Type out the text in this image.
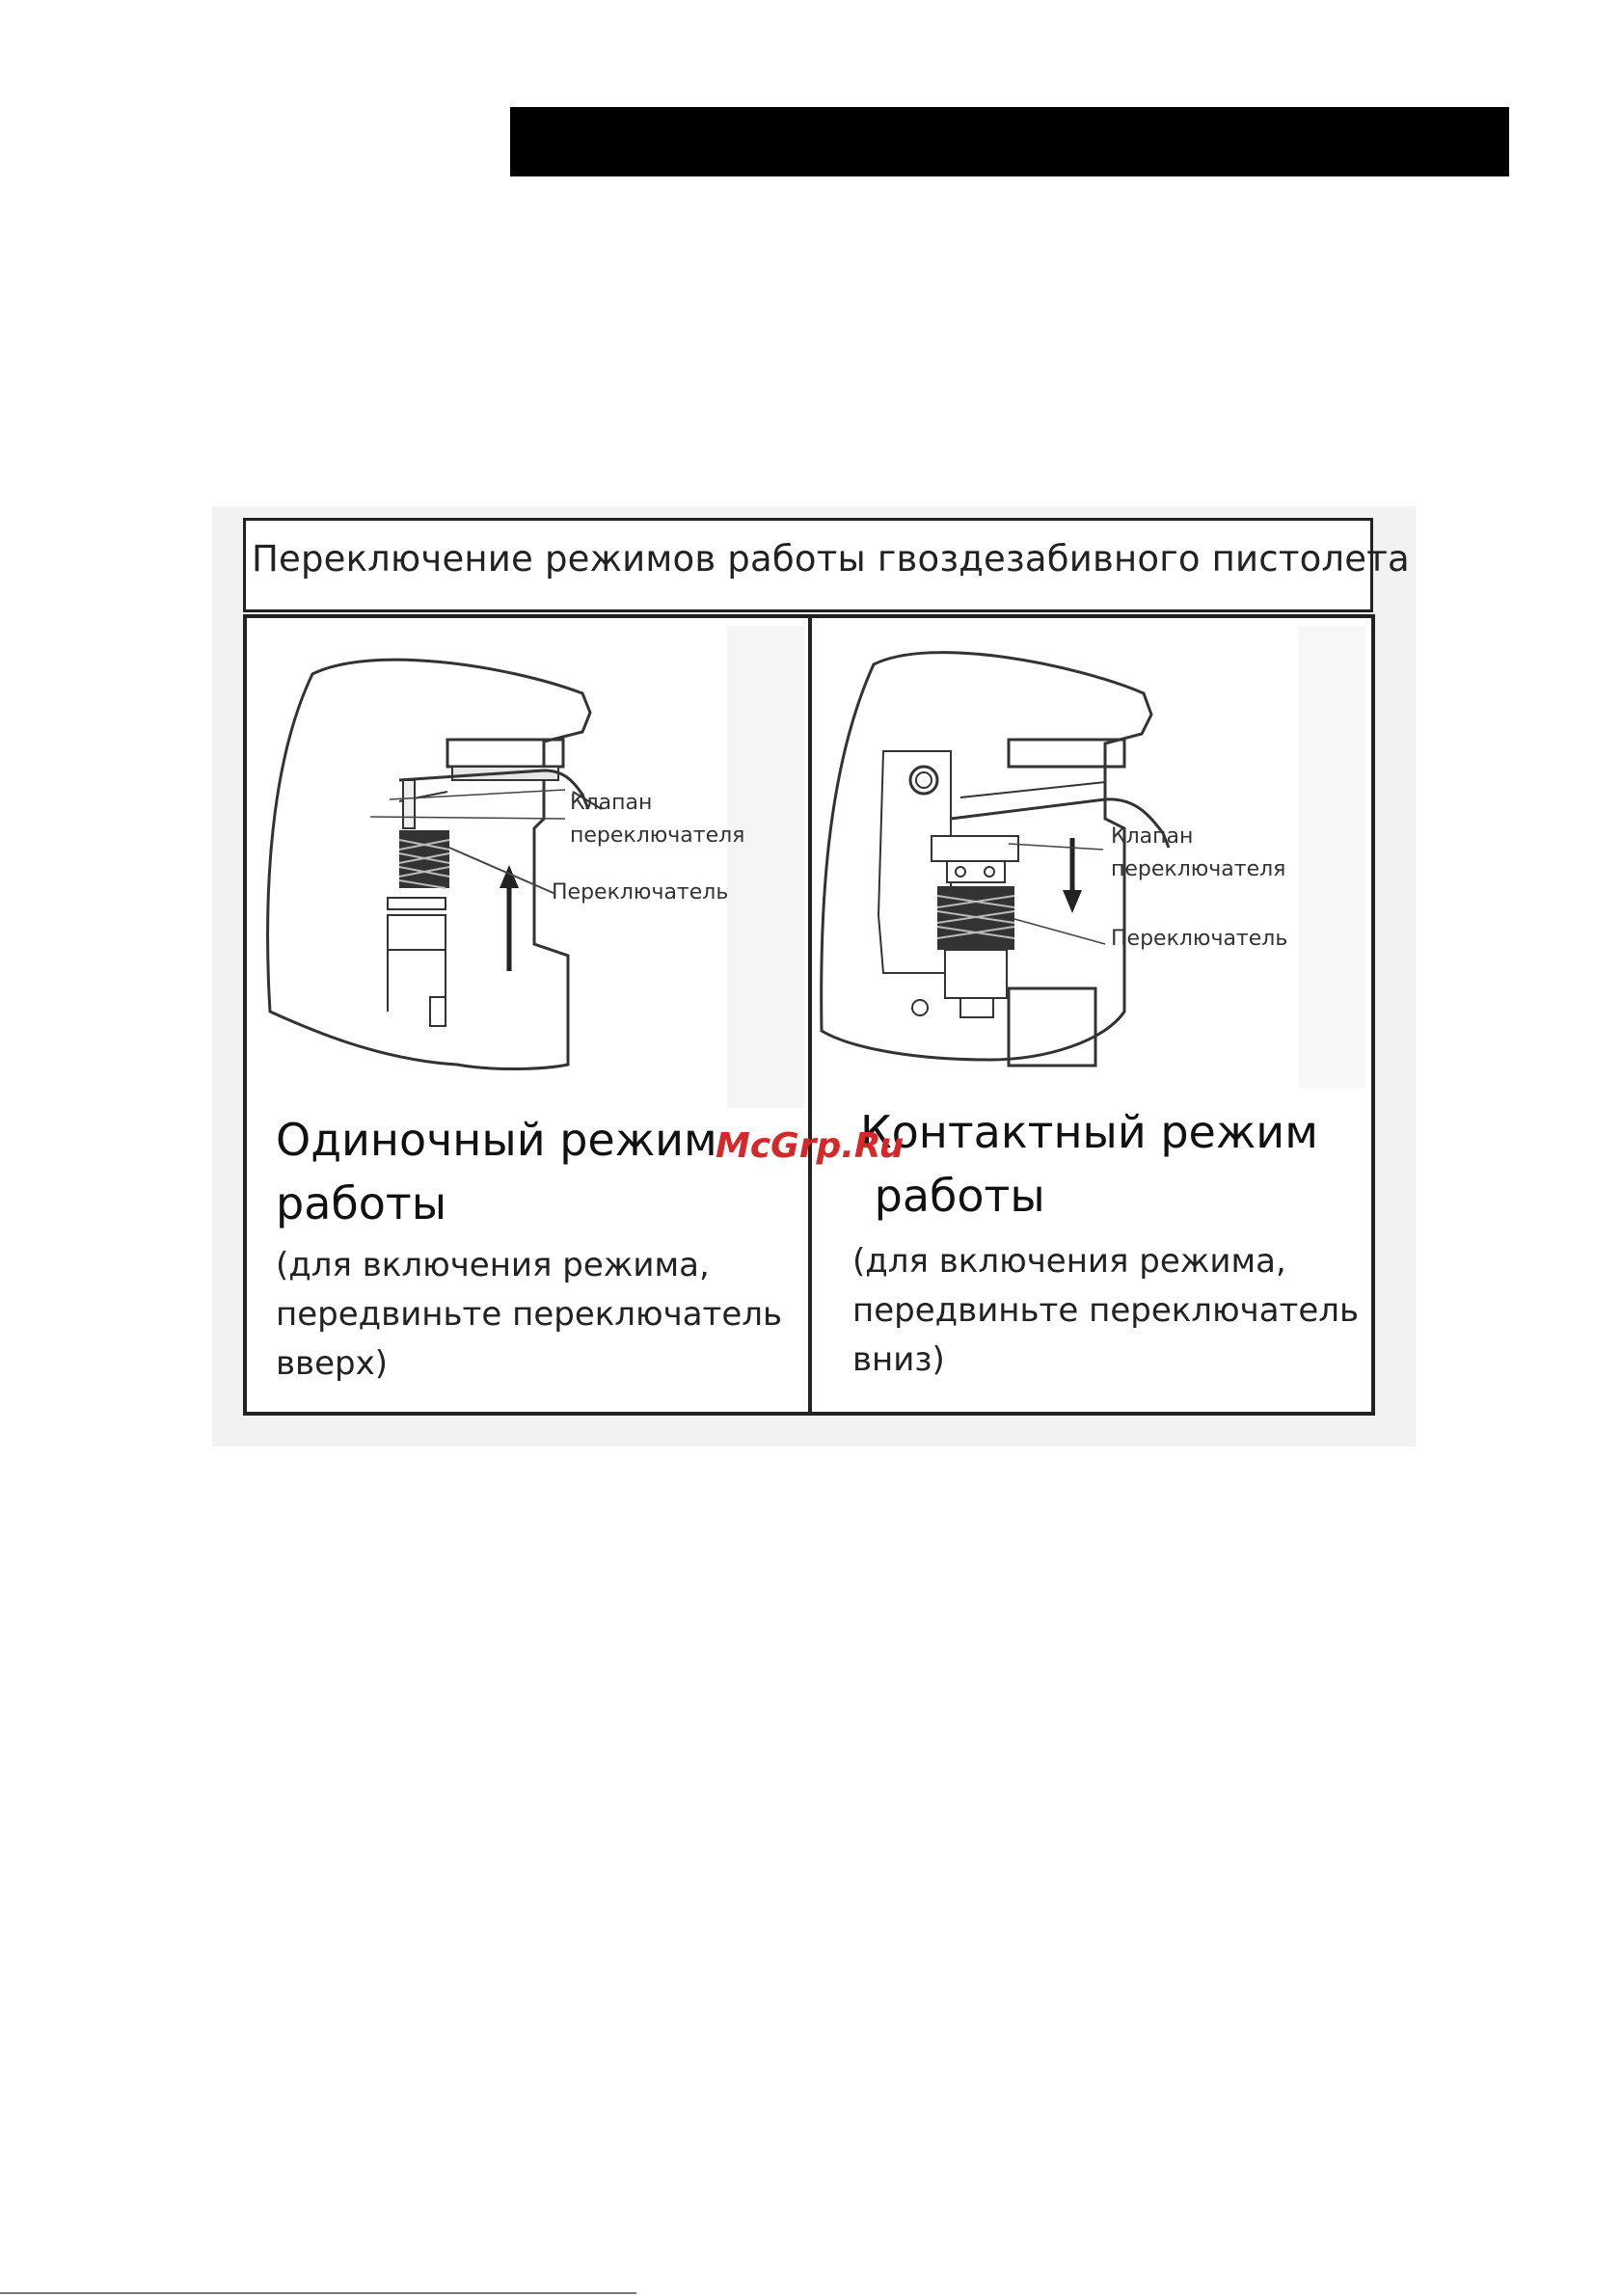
Переключение режимов работы гвоздезабивного пистолета
Клапан
переключателя
Переключатель
Одиночный режим
работы
(для включения режима,
передвиньте переключатель
вверх)
Клапан
переключателя
Переключатель
Контактный режим
работы
(для включения режима,
передвиньте переключатель
вниз)
McGrp.Ru
